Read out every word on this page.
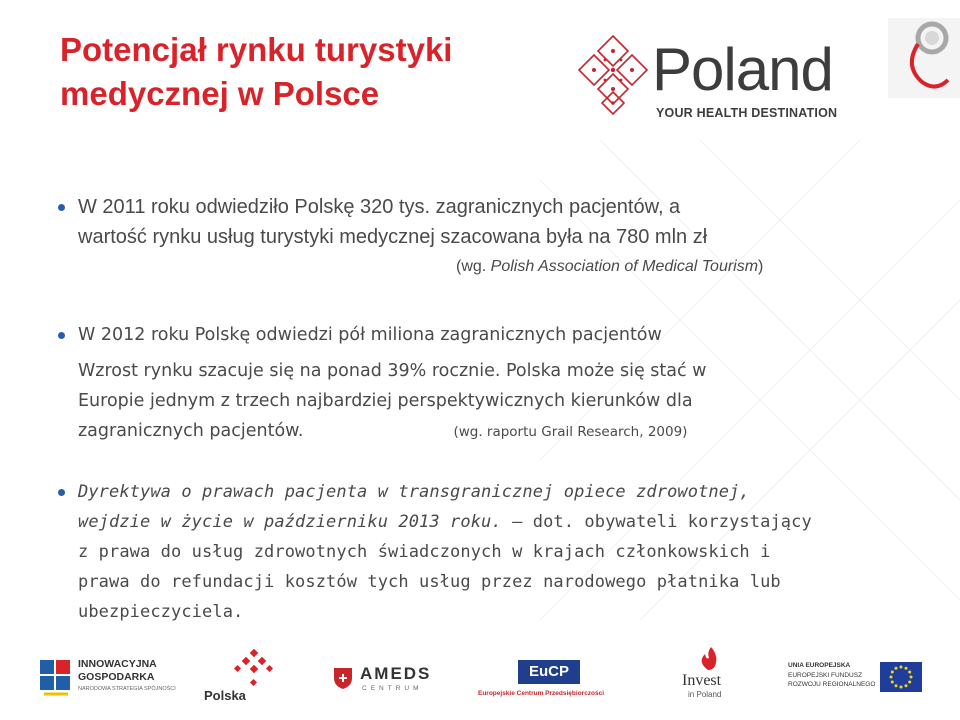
Potencjał rynku turystyki
medycznej w Polsce	Poland
YOUR HEALTH DESTINATION
W 2011 roku odwiedziło Polskę 320 tys. zagranicznych pacjentów, a
wartość rynku usług turystyki medycznej szacowana była na 780 mln zł
(wg. Polish Association of Medical Tourism)
W 2012 roku Polskę odwiedzi pół miliona zagranicznych pacjentów
Wzrost rynku szacuje się na ponad 39% rocznie. Polska może się stać w
Europie jednym z trzech najbardziej perspektywicznych kierunków dla
zagranicznych pacjentów.	(wg. raportu Grail Research, 2009)
Dyrektywa o prawach pacjenta w transgranicznej opiece zdrowotnej,
wejdzie w życie w październiku 2013 roku. – dot. obywateli korzystający
z prawa do usług zdrowotnych świadczonych w krajach członkowskich i
prawa do refundacji kosztów tych usług przez narodowego płatnika lub
ubezpieczyciela.
INNOWACYJNA
GOSPODARKA
NARODOWA STRATEGIA SPÓJNOŚCI Polska
AMEDS
CENTRUM
EuCP
Europejskie Centrum Przedsiębiorczości
Invest
in Poland
UNIA EUROPEJSKA
EUROPEJSKI FUNDUSZ
ROZWOJU REGIONALNEGO
